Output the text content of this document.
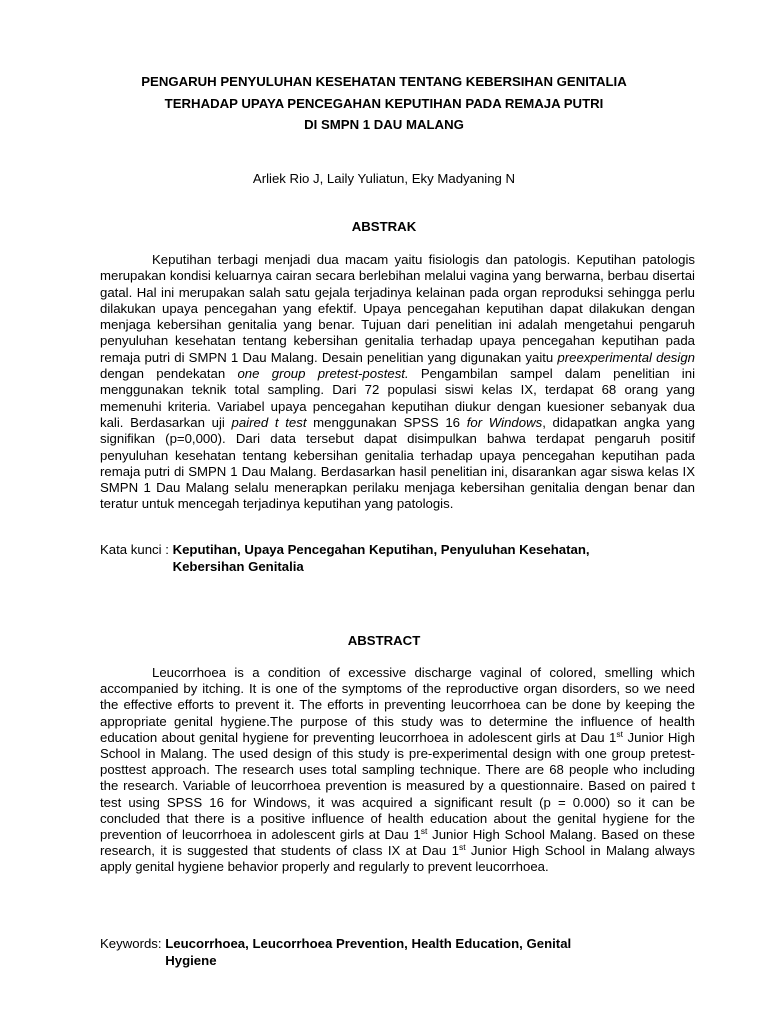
PENGARUH PENYULUHAN KESEHATAN TENTANG KEBERSIHAN GENITALIA
TERHADAP UPAYA PENCEGAHAN KEPUTIHAN PADA REMAJA PUTRI
DI SMPN 1 DAU MALANG
Arliek Rio J, Laily Yuliatun, Eky Madyaning N
ABSTRAK

Keputihan terbagi menjadi dua macam yaitu fisiologis dan patologis. Keputihan patologis merupakan kondisi keluarnya cairan secara berlebihan melalui vagina yang berwarna, berbau disertai gatal. Hal ini merupakan salah satu gejala terjadinya kelainan pada organ reproduksi sehingga perlu dilakukan upaya pencegahan yang efektif. Upaya pencegahan keputihan dapat dilakukan dengan menjaga kebersihan genitalia yang benar. Tujuan dari penelitian ini adalah mengetahui pengaruh penyuluhan kesehatan tentang kebersihan genitalia terhadap upaya pencegahan keputihan pada remaja putri di SMPN 1 Dau Malang. Desain penelitian yang digunakan yaitu preexperimental design dengan pendekatan one group pretest-postest. Pengambilan sampel dalam penelitian ini menggunakan teknik total sampling. Dari 72 populasi siswi kelas IX, terdapat 68 orang yang memenuhi kriteria. Variabel upaya pencegahan keputihan diukur dengan kuesioner sebanyak dua kali. Berdasarkan uji paired t test menggunakan SPSS 16 for Windows, didapatkan angka yang signifikan (p=0,000). Dari data tersebut dapat disimpulkan bahwa terdapat pengaruh positif penyuluhan kesehatan tentang kebersihan genitalia terhadap upaya pencegahan keputihan pada remaja putri di SMPN 1 Dau Malang. Berdasarkan hasil penelitian ini, disarankan agar siswa kelas IX SMPN 1 Dau Malang selalu menerapkan perilaku menjaga kebersihan genitalia dengan benar dan teratur untuk mencegah terjadinya keputihan yang patologis.

Kata kunci : Keputihan, Upaya Pencegahan Keputihan, Penyuluhan Kesehatan,
Kebersihan Genitalia
ABSTRACT

Leucorrhoea is a condition of excessive discharge vaginal of colored, smelling which accompanied by itching. It is one of the symptoms of the reproductive organ disorders, so we need the effective efforts to prevent it. The efforts in preventing leucorrhoea can be done by keeping the appropriate genital hygiene.The purpose of this study was to determine the influence of health education about genital hygiene for preventing leucorrhoea in adolescent girls at Dau 1st Junior High School in Malang. The used design of this study is pre-experimental design with one group pretest-posttest approach. The research uses total sampling technique. There are 68 people who including the research. Variable of leucorrhoea prevention is measured by a questionnaire. Based on paired t test using SPSS 16 for Windows, it was acquired a significant result (p = 0.000) so it can be concluded that there is a positive influence of health education about the genital hygiene for the prevention of leucorrhoea in adolescent girls at Dau 1st Junior High School Malang. Based on these research, it is suggested that students of class IX at Dau 1st Junior High School in Malang always apply genital hygiene behavior properly and regularly to prevent leucorrhoea.

Keywords: Leucorrhoea, Leucorrhoea Prevention, Health Education, Genital
Hygiene
